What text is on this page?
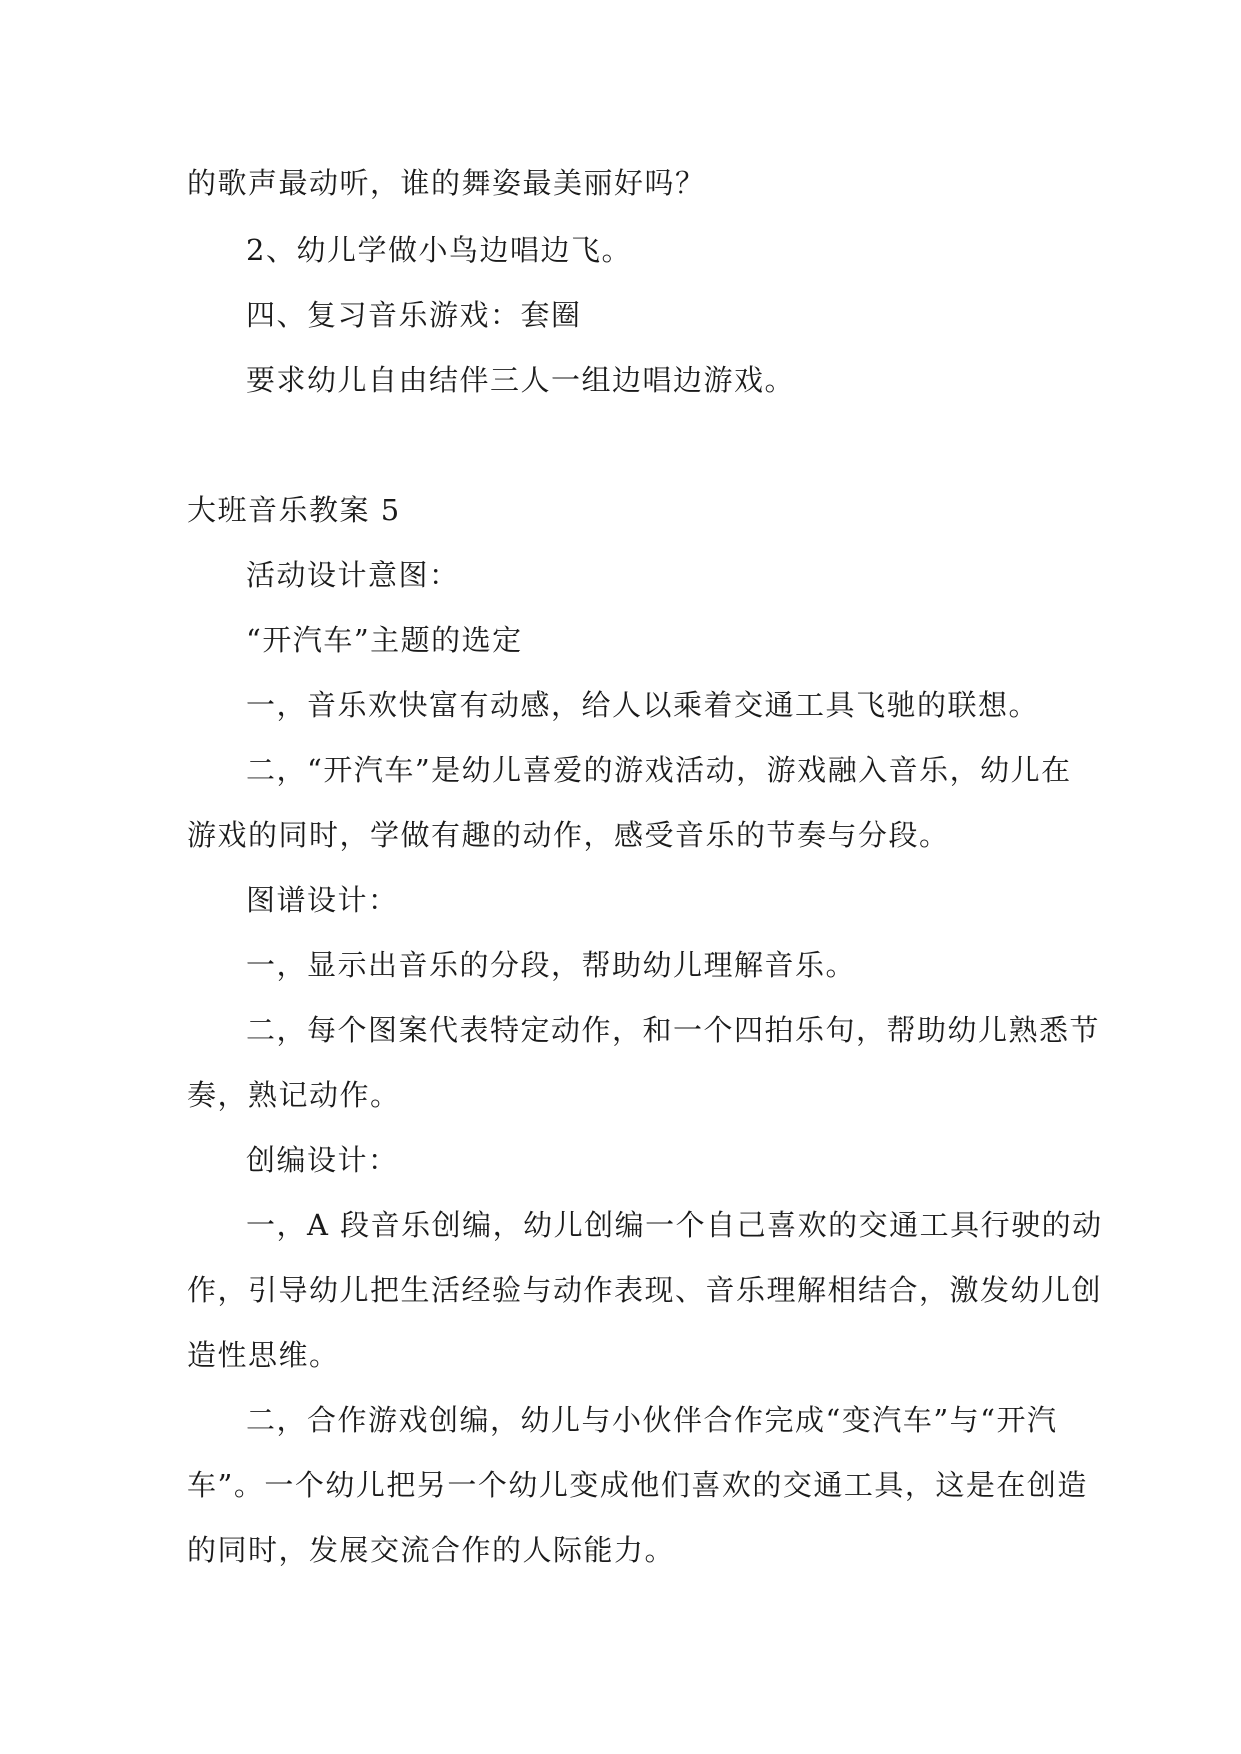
的歌声最动听，谁的舞姿最美丽好吗？
2、幼儿学做小鸟边唱边飞。
四、复习音乐游戏：套圈
要求幼儿自由结伴三人一组边唱边游戏。
大班音乐教案 5
活动设计意图：
“开汽车”主题的选定
一，音乐欢快富有动感，给人以乘着交通工具飞驰的联想。
二，“开汽车”是幼儿喜爱的游戏活动，游戏融入音乐，幼儿在
游戏的同时，学做有趣的动作，感受音乐的节奏与分段。
图谱设计：
一，显示出音乐的分段，帮助幼儿理解音乐。
二，每个图案代表特定动作，和一个四拍乐句，帮助幼儿熟悉节
奏，熟记动作。
创编设计：
一，A 段音乐创编，幼儿创编一个自己喜欢的交通工具行驶的动
作，引导幼儿把生活经验与动作表现、音乐理解相结合，激发幼儿创
造性思维。
二，合作游戏创编，幼儿与小伙伴合作完成“变汽车”与“开汽
车”。一个幼儿把另一个幼儿变成他们喜欢的交通工具，这是在创造
的同时，发展交流合作的人际能力。
